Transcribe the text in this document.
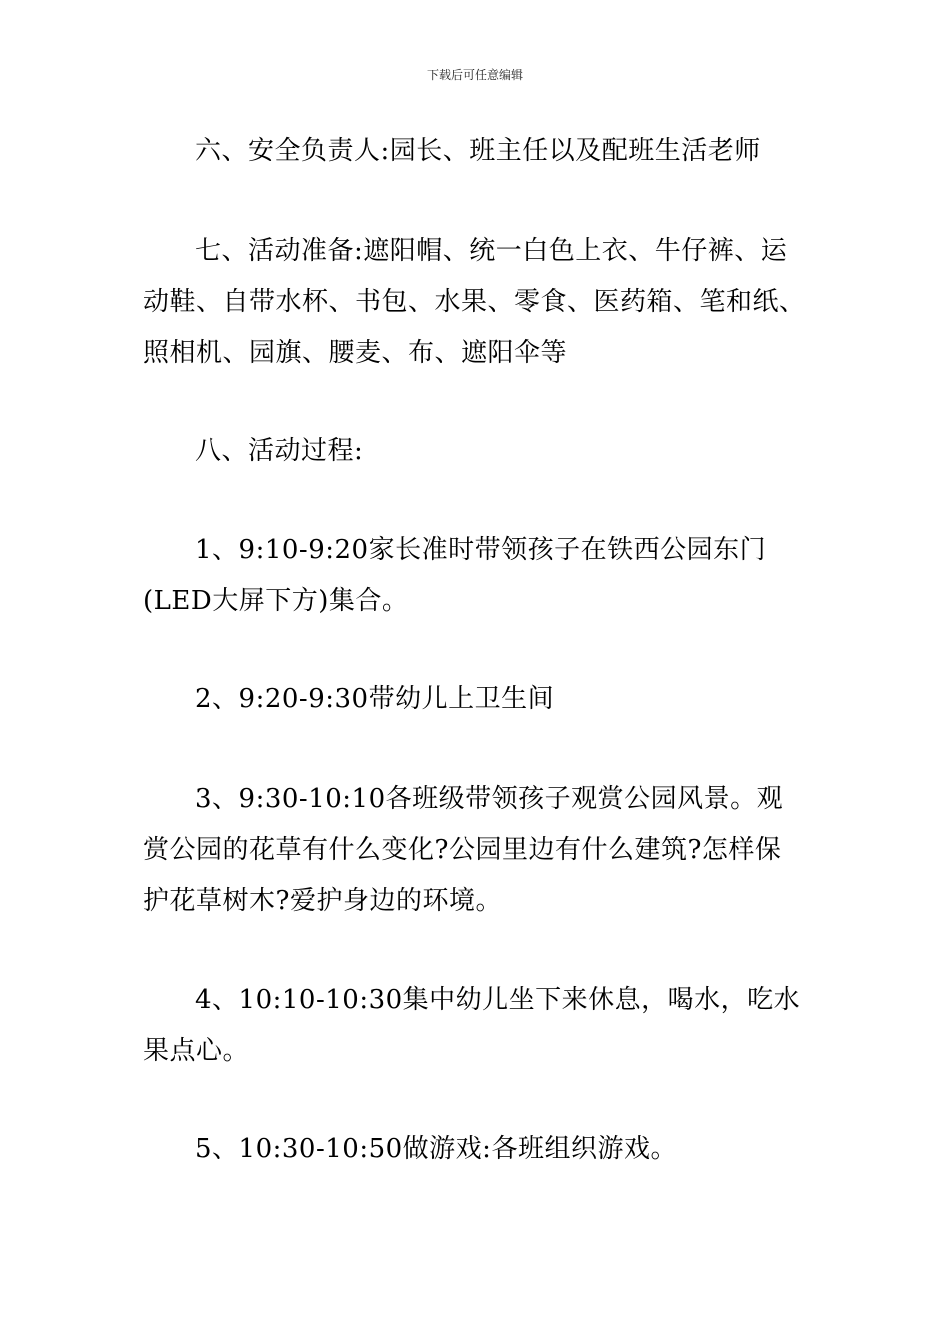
下载后可任意编辑

六、安全负责人:园长、班主任以及配班生活老师

七、活动准备:遮阳帽、统一白色上衣、牛仔裤、运动鞋、自带水杯、书包、水果、零食、医药箱、笔和纸、照相机、园旗、腰麦、布、遮阳伞等

八、活动过程:

1、9:10-9:20家长准时带领孩子在铁西公园东门(LED大屏下方)集合。

2、9:20-9:30带幼儿上卫生间

3、9:30-10:10各班级带领孩子观赏公园风景。观赏公园的花草有什么变化?公园里边有什么建筑?怎样保护花草树木?爱护身边的环境。

4、10:10-10:30集中幼儿坐下来休息，喝水，吃水果点心。

5、10:30-10:50做游戏:各班组织游戏。
